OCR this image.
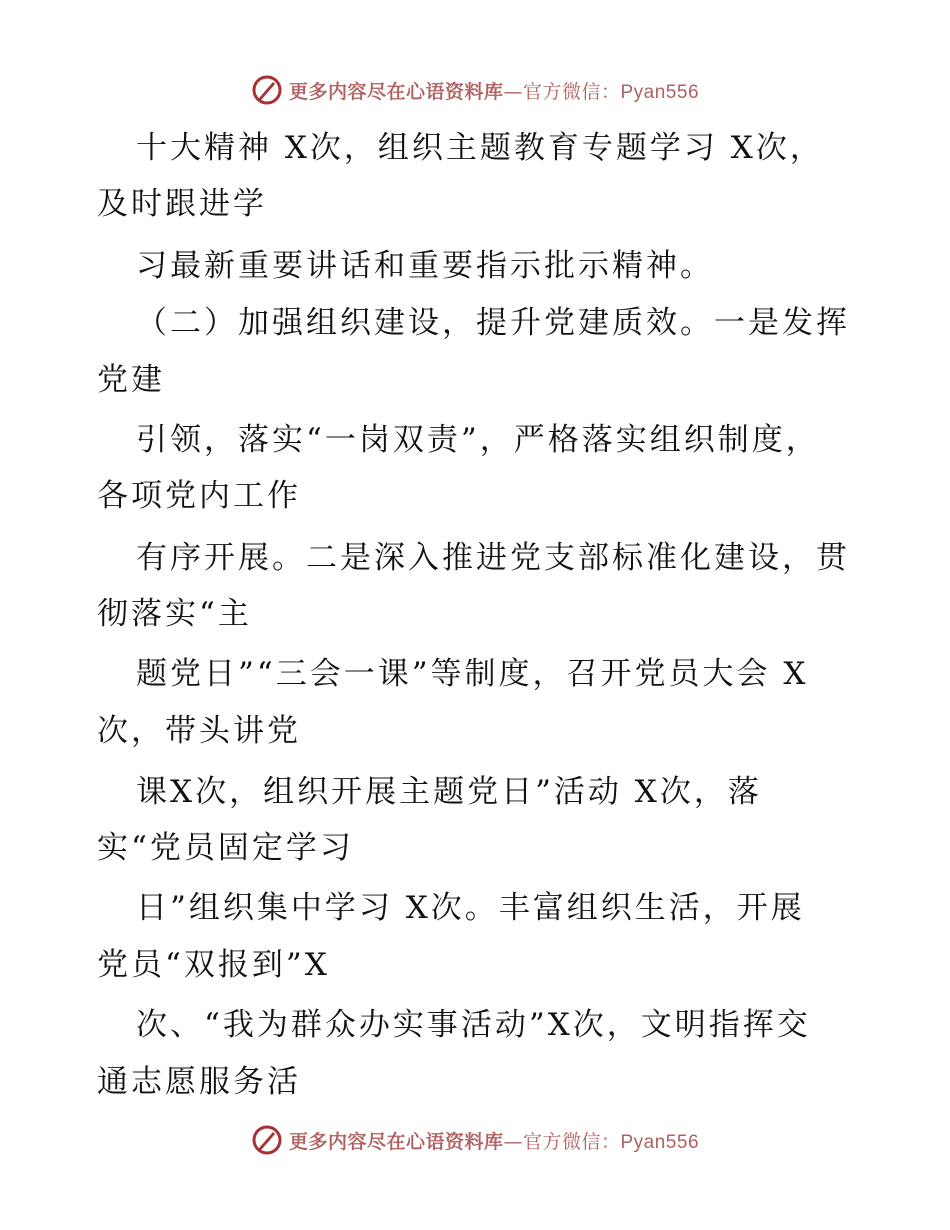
更多内容尽在心语资料库—官方微信：Pyan556
十大精神 X次，组织主题教育专题学习 X次，
及时跟进学
习最新重要讲话和重要指示批示精神。
（二）加强组织建设，提升党建质效。一是发挥
党建
引领，落实“一岗双责”，严格落实组织制度，
各项党内工作
有序开展。二是深入推进党支部标准化建设，贯
彻落实“主
题党日”“三会一课”等制度，召开党员大会 X
次，带头讲党
课X次，组织开展主题党日”活动 X次，落
实“党员固定学习
日”组织集中学习 X次。丰富组织生活，开展
党员“双报到”X
次、“我为群众办实事活动”X次，文明指挥交
通志愿服务活
更多内容尽在心语资料库—官方微信：Pyan556
